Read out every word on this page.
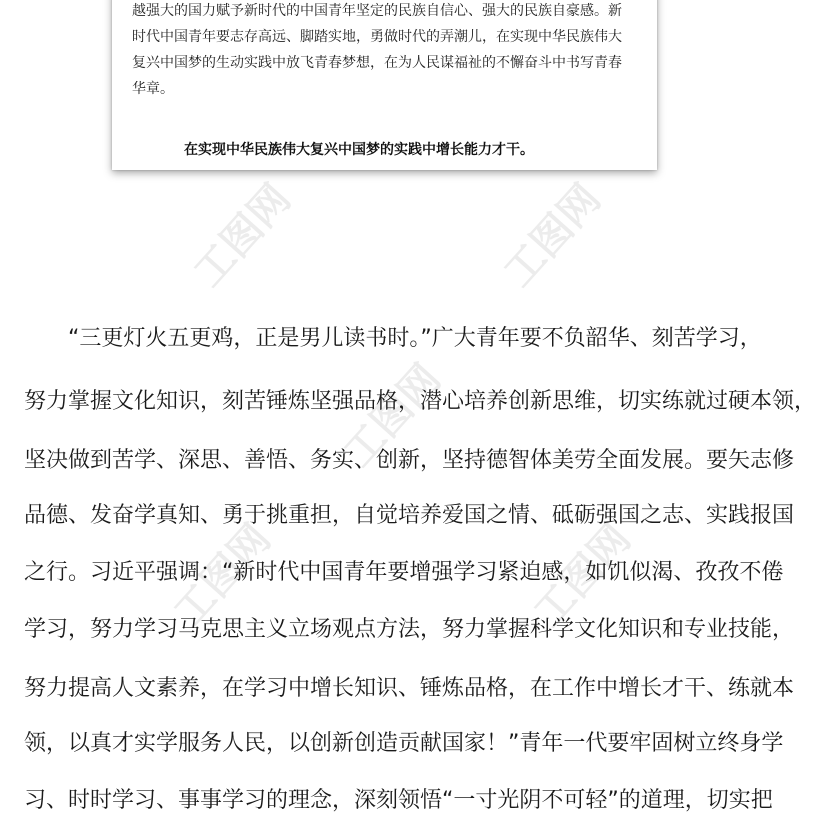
越强大的国力赋予新时代的中国青年坚定的民族自信心、强大的民族自豪感。新
时代中国青年要志存高远、脚踏实地，勇做时代的弄潮儿，在实现中华民族伟大
复兴中国梦的生动实践中放飞青春梦想，在为人民谋福祉的不懈奋斗中书写青春
华章。
在实现中华民族伟大复兴中国梦的实践中增长能力才干。
工图网	工图网
工图网
工图网	工图网
“三更灯火五更鸡，正是男儿读书时。”广大青年要不负韶华、刻苦学习，
努力掌握文化知识，刻苦锤炼坚强品格，潜心培养创新思维，切实练就过硬本领，
坚决做到苦学、深思、善悟、务实、创新，坚持德智体美劳全面发展。要矢志修
品德、发奋学真知、勇于挑重担，自觉培养爱国之情、砥砺强国之志、实践报国
之行。习近平强调：“新时代中国青年要增强学习紧迫感，如饥似渴、孜孜不倦
学习，努力学习马克思主义立场观点方法，努力掌握科学文化知识和专业技能，
努力提高人文素养，在学习中增长知识、锤炼品格，在工作中增长才干、练就本
领，以真才实学服务人民，以创新创造贡献国家！”青年一代要牢固树立终身学
习、时时学习、事事学习的理念，深刻领悟“一寸光阴不可轻”的道理，切实把
